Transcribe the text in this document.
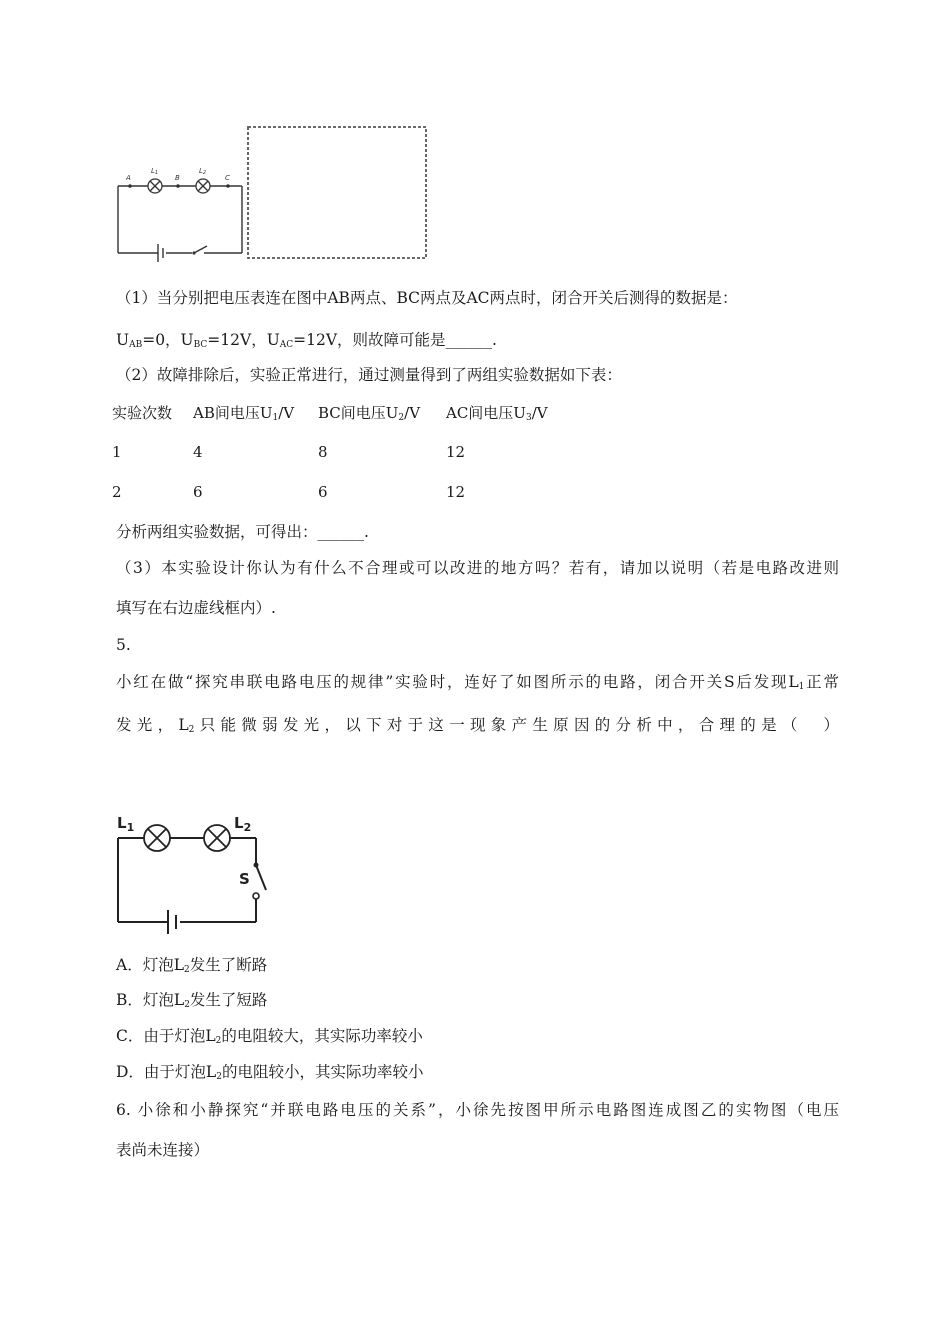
A	B	C
L1	L2
（1）当分别把电压表连在图中AB两点、BC两点及AC两点时，闭合开关后测得的数据是：
$U_{AB}=0$，$U_{BC}=12V$，$U_{AC}=12V$，则故障可能是______.
（2）故障排除后，实验正常进行，通过测量得到了两组实验数据如下表：
实验次数 AB间电压$U_1/V$ BC间电压$U_2/V$ AC间电压$U_3/V$
1	4	8	12
2	6	6	12
分析两组实验数据，可得出：______.
（3）本实验设计你认为有什么不合理或可以改进的地方吗？若有，请加以说明（若是电路改进则
填写在右边虚线框内）.
5.
小红在做“探究串联电路电压的规律”实验时，连好了如图所示的电路，闭合开关S后发现$L_1$正常
发光，$L_2$只能微弱发光，以下对于这一现象产生原因的分析中，合理的是（　）
$L_1$	$L_2$
S
A．灯泡$L_2$发生了断路
B．灯泡$L_2$发生了短路
C．由于灯泡$L_2$的电阻较大，其实际功率较小
D．由于灯泡$L_2$的电阻较小，其实际功率较小
6. 小徐和小静探究“并联电路电压的关系”，小徐先按图甲所示电路图连成图乙的实物图（电压
表尚未连接）
